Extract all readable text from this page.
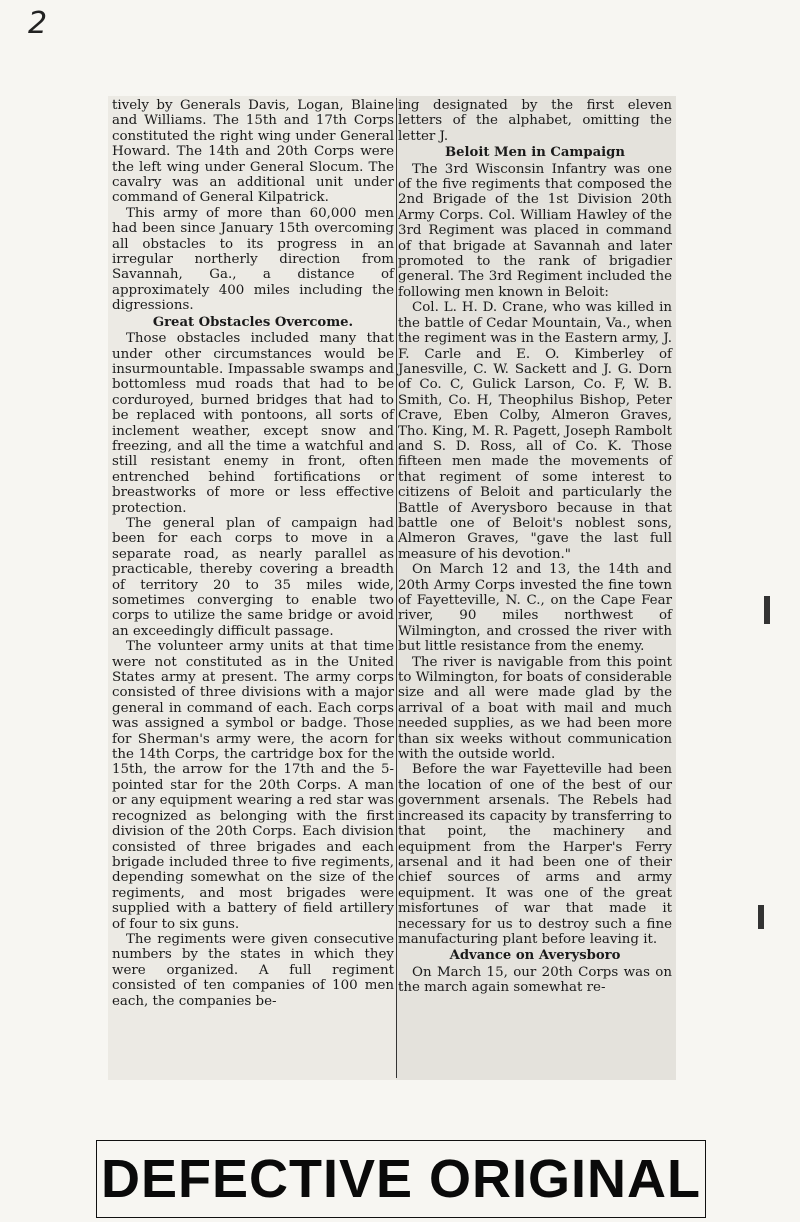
2

tively by Generals Davis, Logan, Blaine and Williams. The 15th and 17th Corps constituted the right wing under General Howard. The 14th and 20th Corps were the left wing under General Slocum. The cavalry was an additional unit under command of General Kilpatrick.

This army of more than 60,000 men had been since January 15th overcoming all obstacles to its progress in an irregular northerly direction from Savannah, Ga., a distance of approximately 400 miles including the digressions.

Great Obstacles Overcome.

Those obstacles included many that under other circumstances would be insurmountable. Impassable swamps and bottomless mud roads that had to be corduroyed, burned bridges that had to be replaced with pontoons, all sorts of inclement weather, except snow and freezing, and all the time a watchful and still resistant enemy in front, often entrenched behind fortifications or breastworks of more or less effective protection.

The general plan of campaign had been for each corps to move in a separate road, as nearly parallel as practicable, thereby covering a breadth of territory 20 to 35 miles wide, sometimes converging to enable two corps to utilize the same bridge or avoid an exceedingly difficult passage.

The volunteer army units at that time were not constituted as in the United States army at present. The army corps consisted of three divisions with a major general in command of each. Each corps was assigned a symbol or badge. Those for Sherman's army were, the acorn for the 14th Corps, the cartridge box for the 15th, the arrow for the 17th and the 5-pointed star for the 20th Corps. A man or any equipment wearing a red star was recognized as belonging with the first division of the 20th Corps. Each division consisted of three brigades and each brigade included three to five regiments, depending somewhat on the size of the regiments, and most brigades were supplied with a battery of field artillery of four to six guns.

The regiments were given consecutive numbers by the states in which they were organized. A full regiment consisted of ten companies of 100 men each, the companies be-

ing designated by the first eleven letters of the alphabet, omitting the letter J.

Beloit Men in Campaign

The 3rd Wisconsin Infantry was one of the five regiments that composed the 2nd Brigade of the 1st Division 20th Army Corps. Col. William Hawley of the 3rd Regiment was placed in command of that brigade at Savannah and later promoted to the rank of brigadier general. The 3rd Regiment included the following men known in Beloit:

Col. L. H. D. Crane, who was killed in the battle of Cedar Mountain, Va., when the regiment was in the Eastern army, J. F. Carle and E. O. Kimberley of Janesville, C. W. Sackett and J. G. Dorn of Co. C, Gulick Larson, Co. F, W. B. Smith, Co. H, Theophilus Bishop, Peter Crave, Eben Colby, Almeron Graves, Tho. King, M. R. Pagett, Joseph Rambolt and S. D. Ross, all of Co. K. Those fifteen men made the movements of that regiment of some interest to citizens of Beloit and particularly the Battle of Averysboro because in that battle one of Beloit's noblest sons, Almeron Graves, "gave the last full measure of his devotion."

On March 12 and 13, the 14th and 20th Army Corps invested the fine town of Fayetteville, N. C., on the Cape Fear river, 90 miles northwest of Wilmington, and crossed the river with but little resistance from the enemy.

The river is navigable from this point to Wilmington, for boats of considerable size and all were made glad by the arrival of a boat with mail and much needed supplies, as we had been more than six weeks without communication with the outside world.

Before the war Fayetteville had been the location of one of the best of our government arsenals. The Rebels had increased its capacity by transferring to that point, the machinery and equipment from the Harper's Ferry arsenal and it had been one of their chief sources of arms and army equipment. It was one of the great misfortunes of war that made it necessary for us to destroy such a fine manufacturing plant before leaving it.

Advance on Averysboro

On March 15, our 20th Corps was on the march again somewhat re-

DEFECTIVE ORIGINAL
